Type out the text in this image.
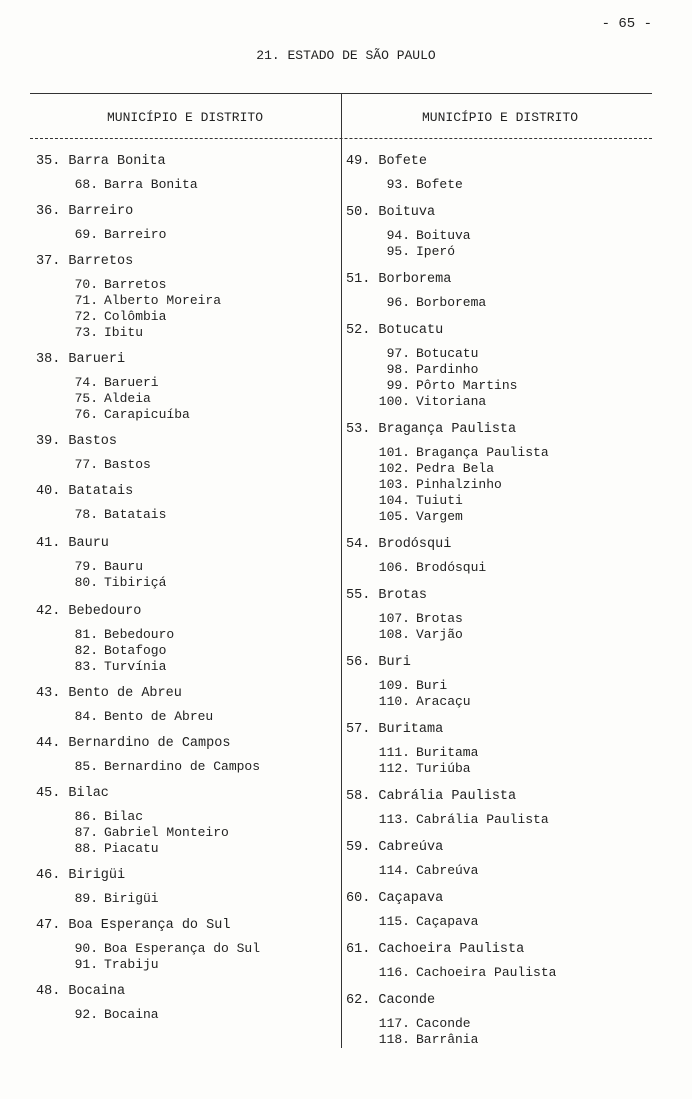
- 65 -
21. ESTADO DE SÃO PAULO
MUNICÍPIO E DISTRITO	MUNICÍPIO E DISTRITO
35. Barra Bonita
68. Barra Bonita
36. Barreiro
69. Barreiro
37. Barretos
70. Barretos
71. Alberto Moreira
72. Colômbia
73. Ibitu
38. Barueri
74. Barueri
75. Aldeia
76. Carapicuíba
39. Bastos
77. Bastos
40. Batatais
78. Batatais
41. Bauru
79. Bauru
80. Tibiriçá
42. Bebedouro
81. Bebedouro
82. Botafogo
83. Turvínia
43. Bento de Abreu
84. Bento de Abreu
44. Bernardino de Campos
85. Bernardino de Campos
45. Bilac
86. Bilac
87. Gabriel Monteiro
88. Piacatu
46. Birigüi
89. Birigüi
47. Boa Esperança do Sul
90. Boa Esperança do Sul
91. Trabiju
48. Bocaina
92. Bocaina
49. Bofete
93. Bofete
50. Boituva
94. Boituva
95. Iperó
51. Borborema
96. Borborema
52. Botucatu
97. Botucatu
98. Pardinho
99. Pôrto Martins
100. Vitoriana
53. Bragança Paulista
101. Bragança Paulista
102. Pedra Bela
103. Pinhalzinho
104. Tuiuti
105. Vargem
54. Brodósqui
106. Brodósqui
55. Brotas
107. Brotas
108. Varjão
56. Buri
109. Buri
110. Aracaçu
57. Buritama
111. Buritama
112. Turiúba
58. Cabrália Paulista
113. Cabrália Paulista
59. Cabreúva
114. Cabreúva
60. Caçapava
115. Caçapava
61. Cachoeira Paulista
116. Cachoeira Paulista
62. Caconde
117. Caconde
118. Barrânia
